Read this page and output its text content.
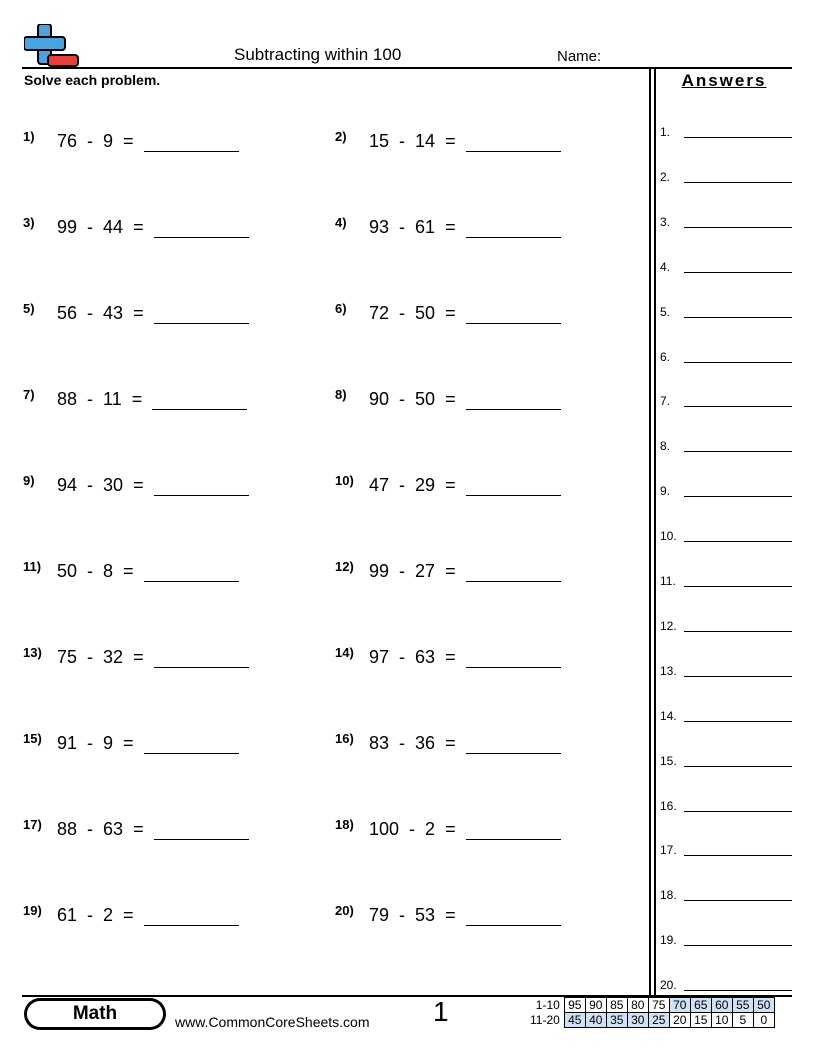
Subtracting within 100	Name:
Solve each problem.	Answers
1) 76 - 9 =	2) 15 - 14 =
3) 99 - 44 =	4) 93 - 61 =
5) 56 - 43 =	6) 72 - 50 =
7) 88 - 11 =	8) 90 - 50 =
9) 94 - 30 =	10) 47 - 29 =
11) 50 - 8 =	12) 99 - 27 =
13) 75 - 32 =	14) 97 - 63 =
15) 91 - 9 =	16) 83 - 36 =
17) 88 - 63 =	18) 100 - 2 =
19) 61 - 2 =	20) 79 - 53 =
1.
2.
3.
4.
5.
6.
7.
8.
9.
10.
11.
12.
13.
14.
15.
16.
17.
18.
19.
20.
Math	www.CommonCoreSheets.com 1	1-10	95	90	85	80	75	70	65	60	55	50
11-20	45	40	35	30	25	20	15	10	5	0
